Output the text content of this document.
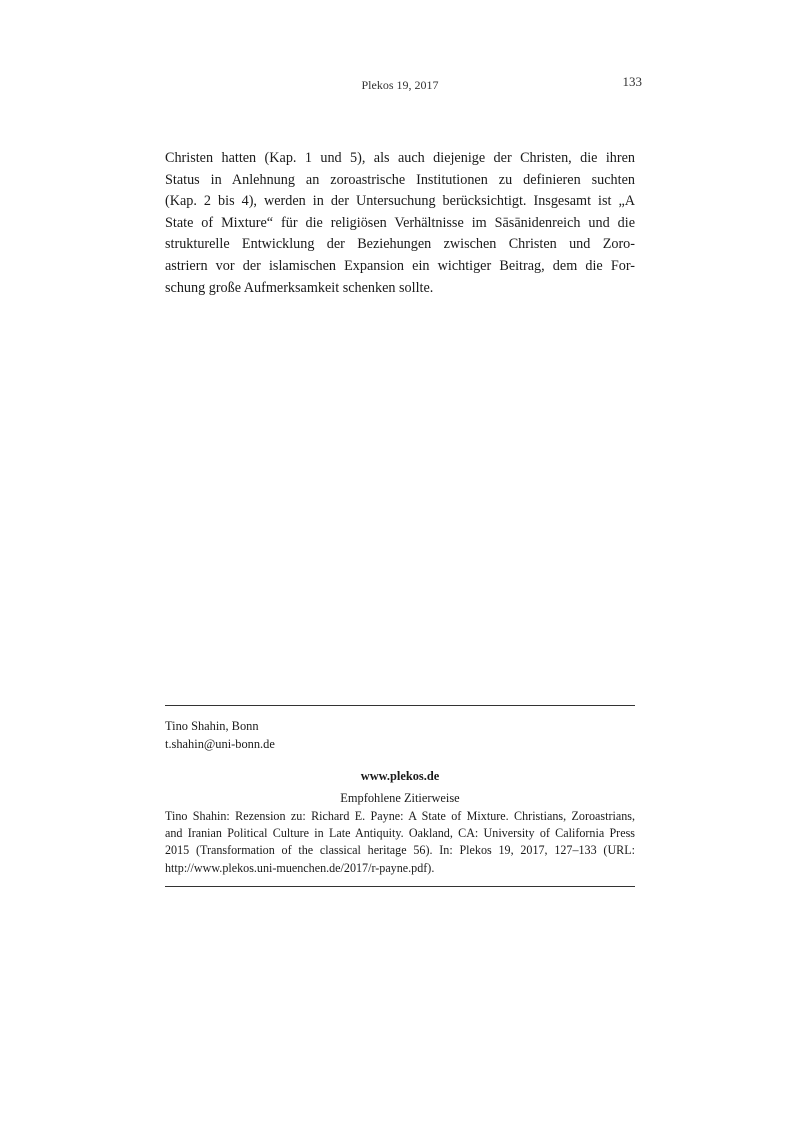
Plekos 19, 2017	133
Christen hatten (Kap. 1 und 5), als auch diejenige der Christen, die ihren
Status in Anlehnung an zoroastrische Institutionen zu definieren suchten
(Kap. 2 bis 4), werden in der Untersuchung berücksichtigt. Insgesamt ist „A
State of Mixture“ für die religiösen Verhältnisse im Sāsānidenreich und die
strukturelle Entwicklung der Beziehungen zwischen Christen und Zoro-
astriern vor der islamischen Expansion ein wichtiger Beitrag, dem die For-
schung große Aufmerksamkeit schenken sollte.
Tino Shahin, Bonn
t.shahin@uni-bonn.de
www.plekos.de
Empfohlene Zitierweise
Tino Shahin: Rezension zu: Richard E. Payne: A State of Mixture. Christians, Zoroastrians,
and Iranian Political Culture in Late Antiquity. Oakland, CA: University of California Press
2015 (Transformation of the classical heritage 56). In: Plekos 19, 2017, 127–133 (URL:
http://www.plekos.uni-muenchen.de/2017/r-payne.pdf).
